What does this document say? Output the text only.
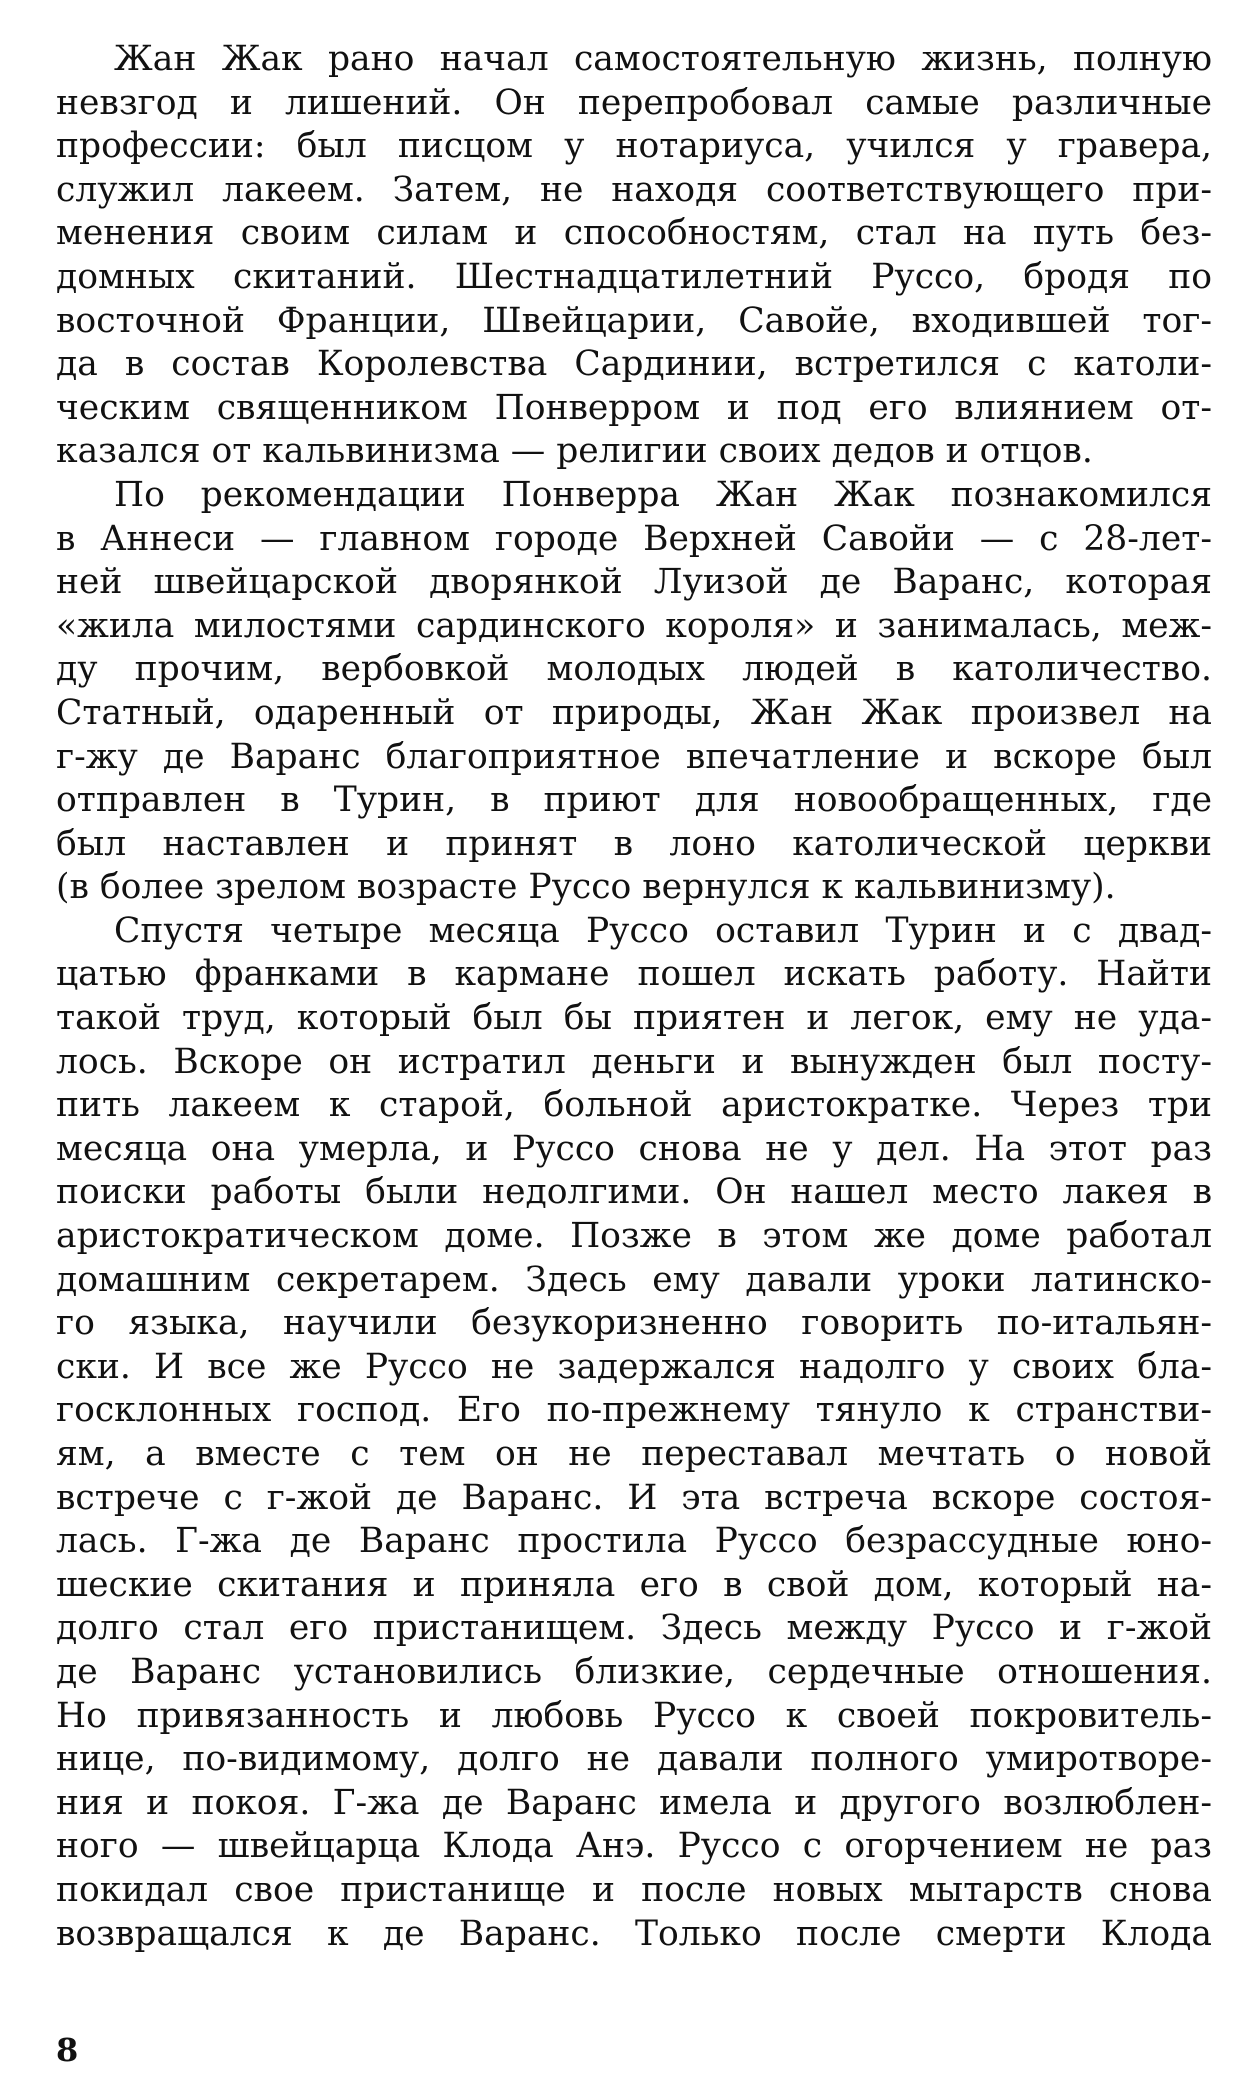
Жан Жак рано начал самостоятельную жизнь, полную
невзгод и лишений. Он перепробовал самые различные
профессии: был писцом у нотариуса, учился у гравера,
служил лакеем. Затем, не находя соответствующего при-
менения своим силам и способностям, стал на путь без-
домных скитаний. Шестнадцатилетний Руссо, бродя по
восточной Франции, Швейцарии, Савойе, входившей тог-
да в состав Королевства Сардинии, встретился с католи-
ческим священником Понверром и под его влиянием от-
казался от кальвинизма — религии своих дедов и отцов.
По рекомендации Понверра Жан Жак познакомился
в Аннеси — главном городе Верхней Савойи — с 28-лет-
ней швейцарской дворянкой Луизой де Варанс, которая
«жила милостями сардинского короля» и занималась, меж-
ду прочим, вербовкой молодых людей в католичество.
Статный, одаренный от природы, Жан Жак произвел на
г-жу де Варанс благоприятное впечатление и вскоре был
отправлен в Турин, в приют для новообращенных, где
был наставлен и принят в лоно католической церкви
(в более зрелом возрасте Руссо вернулся к кальвинизму).
Спустя четыре месяца Руссо оставил Турин и с двад-
цатью франками в кармане пошел искать работу. Найти
такой труд, который был бы приятен и легок, ему не уда-
лось. Вскоре он истратил деньги и вынужден был посту-
пить лакеем к старой, больной аристократке. Через три
месяца она умерла, и Руссо снова не у дел. На этот раз
поиски работы были недолгими. Он нашел место лакея в
аристократическом доме. Позже в этом же доме работал
домашним секретарем. Здесь ему давали уроки латинско-
го языка, научили безукоризненно говорить по-итальян-
ски. И все же Руссо не задержался надолго у своих бла-
госклонных господ. Его по-прежнему тянуло к странстви-
ям, а вместе с тем он не переставал мечтать о новой
встрече с г-жой де Варанс. И эта встреча вскоре состоя-
лась. Г-жа де Варанс простила Руссо безрассудные юно-
шеские скитания и приняла его в свой дом, который на-
долго стал его пристанищем. Здесь между Руссо и г-жой
де Варанс установились близкие, сердечные отношения.
Но привязанность и любовь Руссо к своей покровитель-
нице, по-видимому, долго не давали полного умиротворе-
ния и покоя. Г-жа де Варанс имела и другого возлюблен-
ного — швейцарца Клода Анэ. Руссо с огорчением не раз
покидал свое пристанище и после новых мытарств снова
возвращался к де Варанс. Только после смерти Клода
8
